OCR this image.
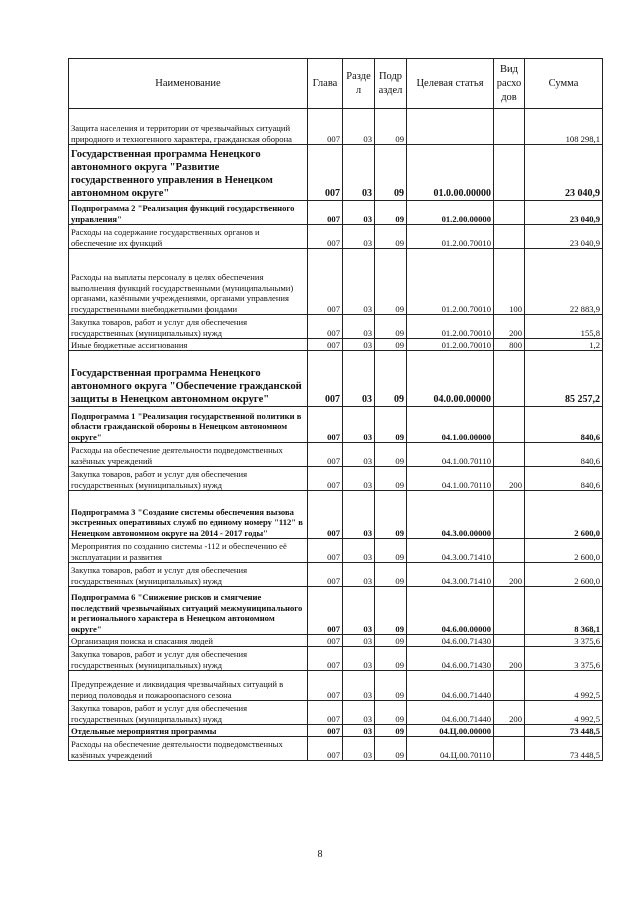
Наименование	Глава	Разде л	Подр аздел	Целевая статья	Вид расхо дов	Сумма
Защита населения и территории от чрезвычайных ситуаций природного и техногенного характера, гражданская оборона	007	03	09			108 298,1
Государственная программа Ненецкого автономного округа "Развитие государственного управления в Ненецком автономном округе"	007	03	09	01.0.00.00000		23 040,9
Подпрограмма 2 "Реализация функций государственного управления"	007	03	09	01.2.00.00000		23 040,9
Расходы на содержание государственных органов и обеспечение их функций	007	03	09	01.2.00.70010		23 040,9
Расходы на выплаты персоналу в целях обеспечения выполнения функций государственными (муниципальными) органами, казёнными учреждениями, органами управления государственными внебюджетными фондами	007	03	09	01.2.00.70010	100	22 883,9
Закупка товаров, работ и услуг для обеспечения государственных (муниципальных) нужд	007	03	09	01.2.00.70010	200	155,8
Иные бюджетные ассигнования	007	03	09	01.2.00.70010	800	1,2
Государственная программа Ненецкого автономного округа "Обеспечение гражданской защиты в Ненецком автономном округе"	007	03	09	04.0.00.00000		85 257,2
Подпрограмма 1 "Реализация государственной политики в области гражданской обороны в Ненецком автономном округе"	007	03	09	04.1.00.00000		840,6
Расходы на обеспечение деятельности подведомственных казённых учреждений	007	03	09	04.1.00.70110		840,6
Закупка товаров, работ и услуг для обеспечения государственных (муниципальных) нужд	007	03	09	04.1.00.70110	200	840,6
Подпрограмма 3 "Создание системы обеспечения вызова экстренных оперативных служб по единому номеру "112" в Ненецком автономном округе на 2014 - 2017 годы"	007	03	09	04.3.00.00000		2 600,0
Мероприятия по созданию системы -112 и обеспечению её эксплуатации и развития	007	03	09	04.3.00.71410		2 600,0
Закупка товаров, работ и услуг для обеспечения государственных (муниципальных) нужд	007	03	09	04.3.00.71410	200	2 600,0
Подпрограмма 6 "Снижение рисков и смягчение последствий чрезвычайных ситуаций межмуниципального и регионального характера в Ненецком автономном округе"	007	03	09	04.6.00.00000		8 368,1
Организация поиска и спасания людей	007	03	09	04.6.00.71430		3 375,6
Закупка товаров, работ и услуг для обеспечения государственных (муниципальных) нужд	007	03	09	04.6.00.71430	200	3 375,6
Предупреждение и ликвидация чрезвычайных ситуаций в период половодья и пожароопасного сезона	007	03	09	04.6.00.71440		4 992,5
Закупка товаров, работ и услуг для обеспечения государственных (муниципальных) нужд	007	03	09	04.6.00.71440	200	4 992,5
Отдельные мероприятия программы	007	03	09	04.Ц.00.00000		73 448,5
Расходы на обеспечение деятельности подведомственных казённых учреждений	007	03	09	04.Ц.00.70110		73 448,5
8
